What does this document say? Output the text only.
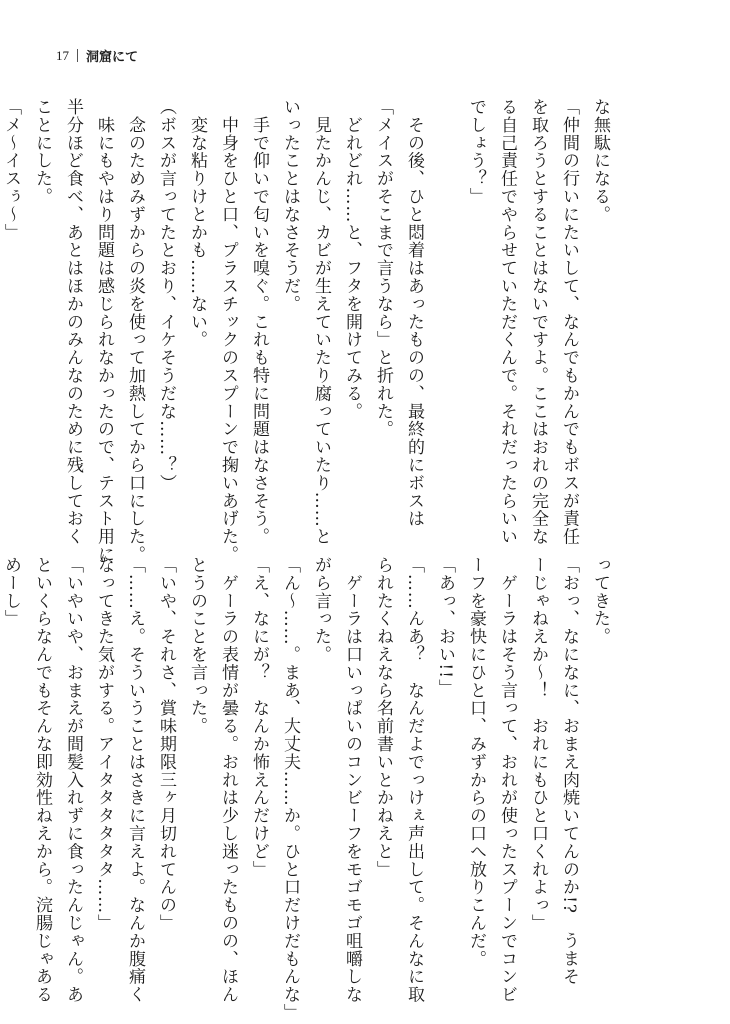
17 洞窟にて
な無駄になる。
「仲間の行いにたいして、なんでもかんでもボスが責任
を取ろうとすることはないですよ。ここはおれの完全な
る自己責任でやらせていただくんで。それだったらいい
でしょう？」
　その後、ひと悶着はあったものの、最終的にボスは
「メイスがそこまで言うなら」と折れた。
　どれどれ……と、フタを開けてみる。
　見たかんじ、カビが生えていたり腐っていたり……と
いったことはなさそうだ。
　手で仰いで匂いを嗅ぐ。これも特に問題はなさそう。
　中身をひと口、プラスチックのスプーンで掬いあげた。
　変な粘りけとかも……ない。
（ボスが言ってたとおり、イケそうだな……？）
　念のためみずからの炎を使って加熱してから口にした。
　味にもやはり問題は感じられなかったので、テスト用に
半分ほど食べ、あとはほかのみんなのために残しておく
ことにした。
「メ〜イスぅ〜」
ってきた。
「おっ、なになに、おまえ肉焼いてんのか!?　うまそ
ーじゃねえか〜！　おれにもひと口くれよっ」
　ゲーラはそう言って、おれが使ったスプーンでコンビ
ーフを豪快にひと口、みずからの口へ放りこんだ。
「あっ、おい!!」
「……んあ？　なんだよでっけぇ声出して。そんなに取
られたくねえなら名前書いとかねえと」
　ゲーラは口いっぱいのコンビーフをモゴモゴ咀嚼しな
がら言った。
「ん〜……。まあ、大丈夫……か。ひと口だけだもんな」
「え、なにが？　なんか怖えんだけど」
　ゲーラの表情が曇る。おれは少し迷ったものの、ほん
とうのことを言った。
「いや、それさ、賞味期限三ヶ月切れてんの」
「……え。そういうことはさきに言えよ。なんか腹痛く
なってきた気がする。アイタタタタタタ……」
「いやいや、おまえが間髪入れずに食ったんじゃん。あ
といくらなんでもそんな即効性ねえから。浣腸じゃある
めーし」
